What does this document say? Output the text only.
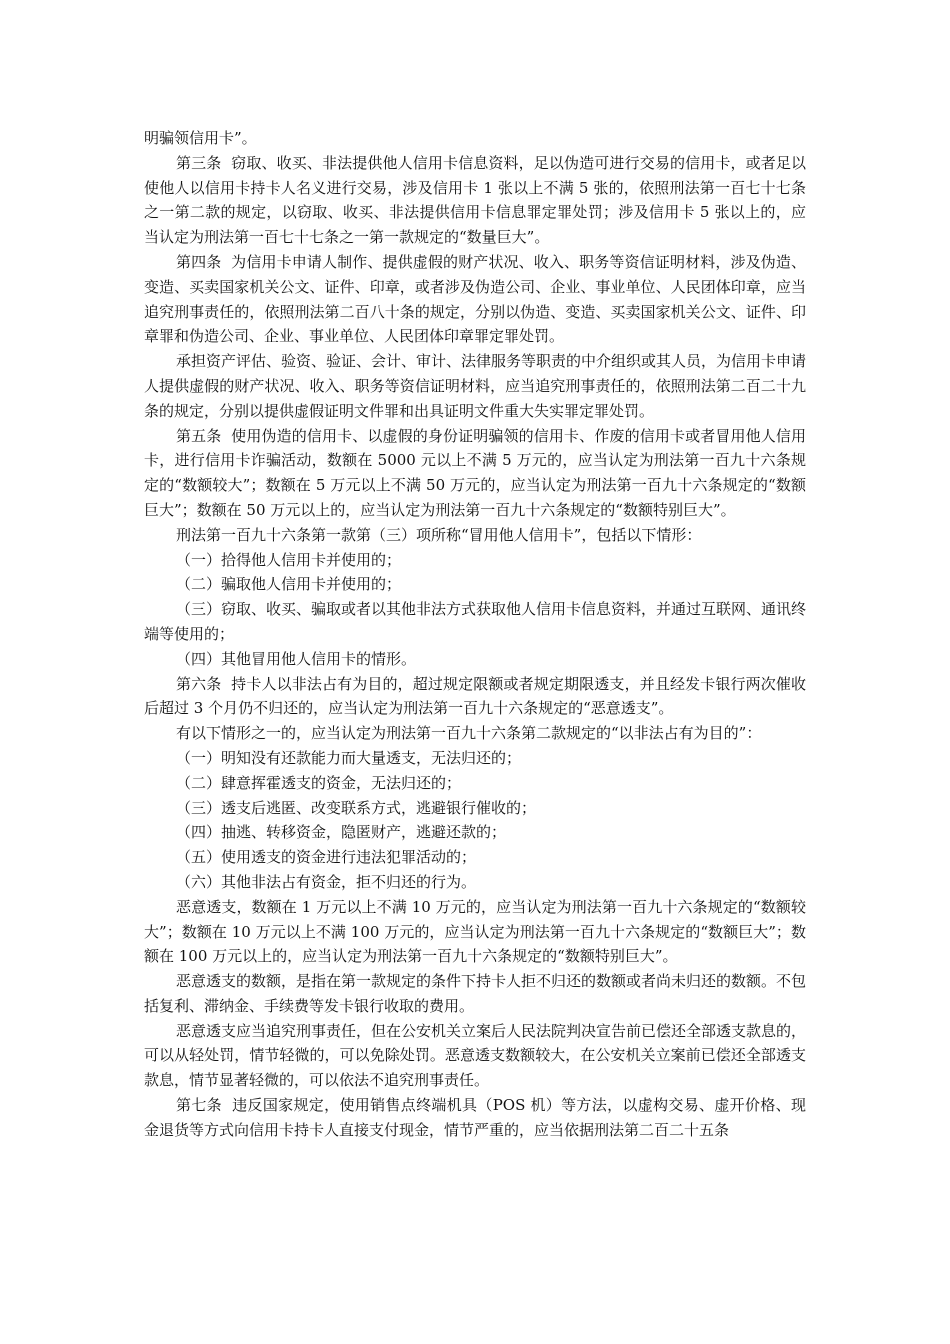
明骗领信用卡”。

第三条  窃取、收买、非法提供他人信用卡信息资料，足以伪造可进行交易的信用卡，或者足以使他人以信用卡持卡人名义进行交易，涉及信用卡 1 张以上不满 5 张的，依照刑法第一百七十七条之一第二款的规定，以窃取、收买、非法提供信用卡信息罪定罪处罚；涉及信用卡 5 张以上的，应当认定为刑法第一百七十七条之一第一款规定的“数量巨大”。

第四条  为信用卡申请人制作、提供虚假的财产状况、收入、职务等资信证明材料，涉及伪造、变造、买卖国家机关公文、证件、印章，或者涉及伪造公司、企业、事业单位、人民团体印章，应当追究刑事责任的，依照刑法第二百八十条的规定，分别以伪造、变造、买卖国家机关公文、证件、印章罪和伪造公司、企业、事业单位、人民团体印章罪定罪处罚。

承担资产评估、验资、验证、会计、审计、法律服务等职责的中介组织或其人员，为信用卡申请人提供虚假的财产状况、收入、职务等资信证明材料，应当追究刑事责任的，依照刑法第二百二十九条的规定，分别以提供虚假证明文件罪和出具证明文件重大失实罪定罪处罚。

第五条  使用伪造的信用卡、以虚假的身份证明骗领的信用卡、作废的信用卡或者冒用他人信用卡，进行信用卡诈骗活动，数额在 5000 元以上不满 5 万元的，应当认定为刑法第一百九十六条规定的“数额较大”；数额在 5 万元以上不满 50 万元的，应当认定为刑法第一百九十六条规定的“数额巨大”；数额在 50 万元以上的，应当认定为刑法第一百九十六条规定的“数额特别巨大”。

刑法第一百九十六条第一款第（三）项所称“冒用他人信用卡”，包括以下情形：

（一）拾得他人信用卡并使用的；

（二）骗取他人信用卡并使用的；

（三）窃取、收买、骗取或者以其他非法方式获取他人信用卡信息资料，并通过互联网、通讯终端等使用的；

（四）其他冒用他人信用卡的情形。

第六条  持卡人以非法占有为目的，超过规定限额或者规定期限透支，并且经发卡银行两次催收后超过 3 个月仍不归还的，应当认定为刑法第一百九十六条规定的“恶意透支”。

有以下情形之一的，应当认定为刑法第一百九十六条第二款规定的“以非法占有为目的”：

（一）明知没有还款能力而大量透支，无法归还的；

（二）肆意挥霍透支的资金，无法归还的；

（三）透支后逃匿、改变联系方式，逃避银行催收的；

（四）抽逃、转移资金，隐匿财产，逃避还款的；

（五）使用透支的资金进行违法犯罪活动的；

（六）其他非法占有资金，拒不归还的行为。

恶意透支，数额在 1 万元以上不满 10 万元的，应当认定为刑法第一百九十六条规定的“数额较大”；数额在 10 万元以上不满 100 万元的，应当认定为刑法第一百九十六条规定的“数额巨大”；数额在 100 万元以上的，应当认定为刑法第一百九十六条规定的“数额特别巨大”。

恶意透支的数额，是指在第一款规定的条件下持卡人拒不归还的数额或者尚未归还的数额。不包括复利、滞纳金、手续费等发卡银行收取的费用。

恶意透支应当追究刑事责任，但在公安机关立案后人民法院判决宣告前已偿还全部透支款息的，可以从轻处罚，情节轻微的，可以免除处罚。恶意透支数额较大，在公安机关立案前已偿还全部透支款息，情节显著轻微的，可以依法不追究刑事责任。

第七条  违反国家规定，使用销售点终端机具（POS 机）等方法，以虚构交易、虚开价格、现金退货等方式向信用卡持卡人直接支付现金，情节严重的，应当依据刑法第二百二十五条
